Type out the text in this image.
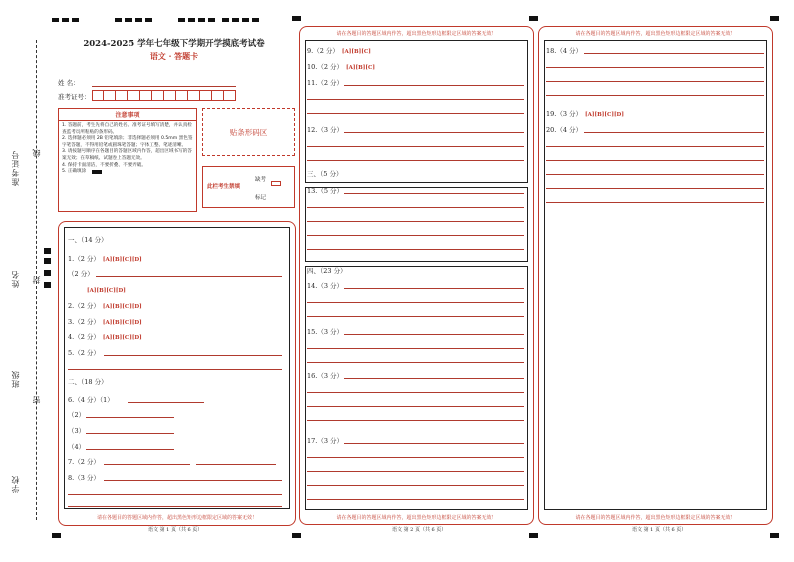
准考证号
姓名
班级
学校
线
封
密
2024-2025 学年七年级下学期开学摸底考试卷
语文 · 答题卡
姓 名：
准考证号：
注意事项
1. 答题前，考生先将自己的姓名、准考证号填写清楚，并认真检查监考员所粘贴的条形码。
2. 选择题必须用 2B 铅笔填涂；非选择题必须用 0.5mm 黑色签字笔答题，不得用铅笔或圆珠笔答题；字体工整、笔迹清晰。
3. 请按题号顺序在各题目的答题区域内作答，超出区域书写的答案无效；在草稿纸、试题卷上答题无效。
4. 保持卡面清洁，不要折叠、不要弄破。
5. 正确填涂
贴条形码区
此栏考生禁填
缺考
标记
请在各题目的答题区域内作答，超出黑色矩形边框限定区域的答案无效！
一、（14 分）
1.（2 分） [A][B][C][D]
（2 分）
[A][B][C][D]
2.（2 分） [A][B][C][D]
3.（2 分） [A][B][C][D]
4.（2 分） [A][B][C][D]
5.（2 分）
二、（18 分）
6.（4 分）（1）
（2）
（3）
（4）
7.（2 分）
8.（3 分）
语文 第 1 页（共 6 页）
请在各题目的答题区域内作答，超出黑色矩形边框限定区域的答案无效！
请在各题目的答题区域内作答，超出黑色矩形边框限定区域的答案无效！
9.（2 分） [A][B][C]
10.（2 分） [A][B][C]
11.（2 分）
12.（3 分）
三、（5 分）
13.（5 分）
四、（23 分）
14.（3 分）
15.（3 分）
16.（3 分）
17.（3 分）
语文 第 2 页（共 6 页）
请在各题目的答题区域内作答，超出黑色矩形边框限定区域的答案无效！
请在各题目的答题区域内作答，超出黑色矩形边框限定区域的答案无效！
18.（4 分）
19.（3 分） [A][B][C][D]
20.（4 分）
语文 第 1 页（共 6 页）
